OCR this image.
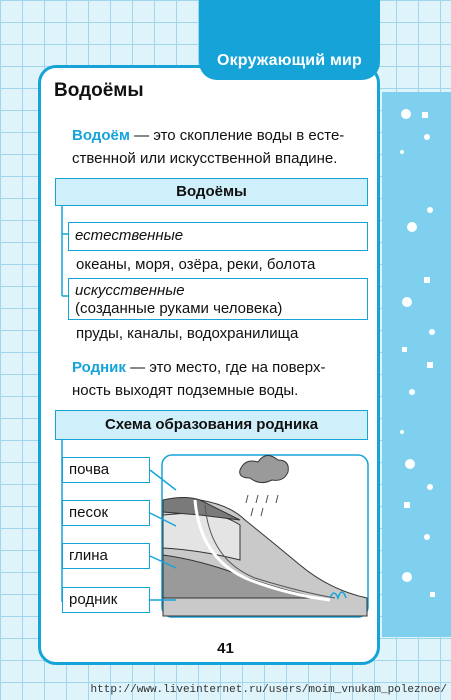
Окружающий мир
Водоёмы
Водоём — это скопление воды в есте-
ственной или искусственной впадине.
Водоёмы
естественные
океаны, моря, озёра, реки, болота
искусственные
(созданные руками человека)
пруды, каналы, водохранилища
Родник — это место, где на поверх-
ность выходят подземные воды.
Схема образования родника
почва
песок
глина
родник
41
http://www.liveinternet.ru/users/moim_vnukam_poleznoe/
